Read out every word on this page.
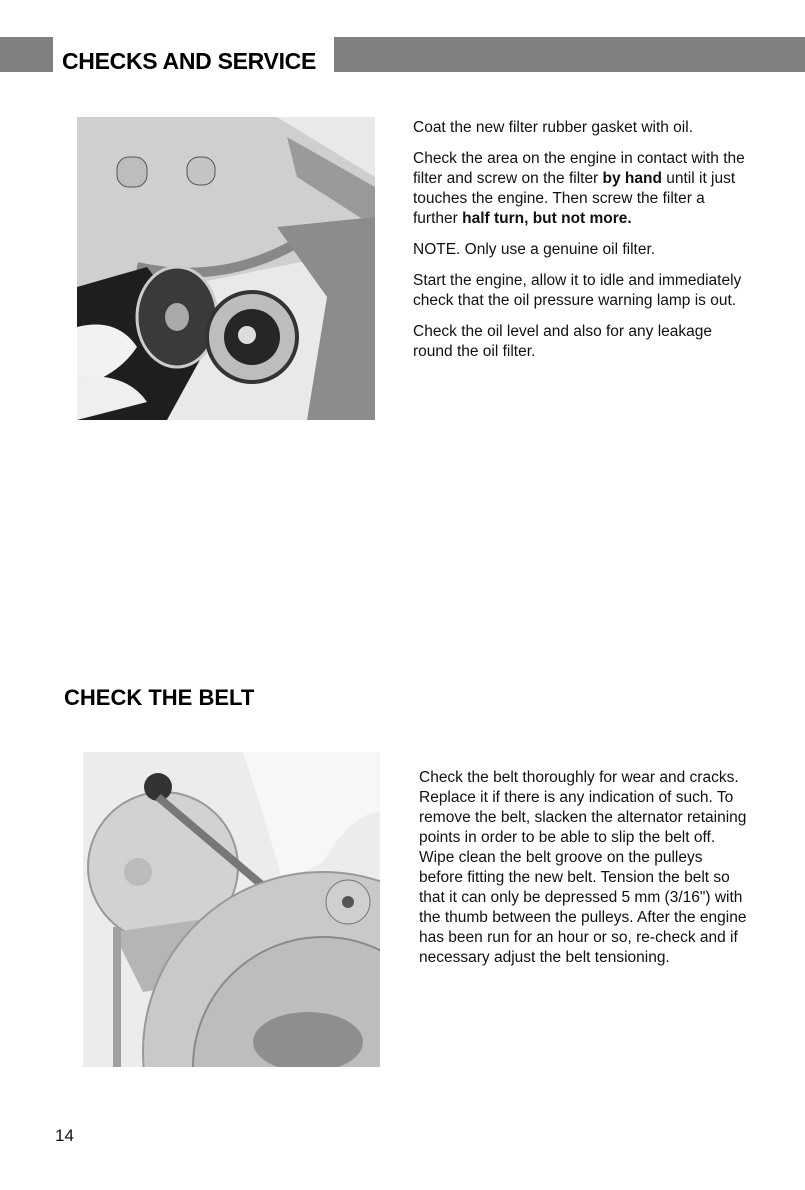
CHECKS AND SERVICE

Coat the new filter rubber gasket with oil.

Check the area on the engine in contact with the filter and screw on the filter by hand until it just touches the engine. Then screw the filter a further half turn, but not more.

NOTE. Only use a genuine oil filter.

Start the engine, allow it to idle and immediately check that the oil pressure warning lamp is out.

Check the oil level and also for any leakage round the oil filter.

CHECK THE BELT

Check the belt thoroughly for wear and cracks. Replace it if there is any indication of such. To remove the belt, slacken the alternator retaining points in order to be able to slip the belt off. Wipe clean the belt groove on the pulleys before fitting the new belt. Tension the belt so that it can only be depressed 5 mm (3/16") with the thumb between the pulleys. After the engine has been run for an hour or so, re-check and if necessary adjust the belt tensioning.

14
